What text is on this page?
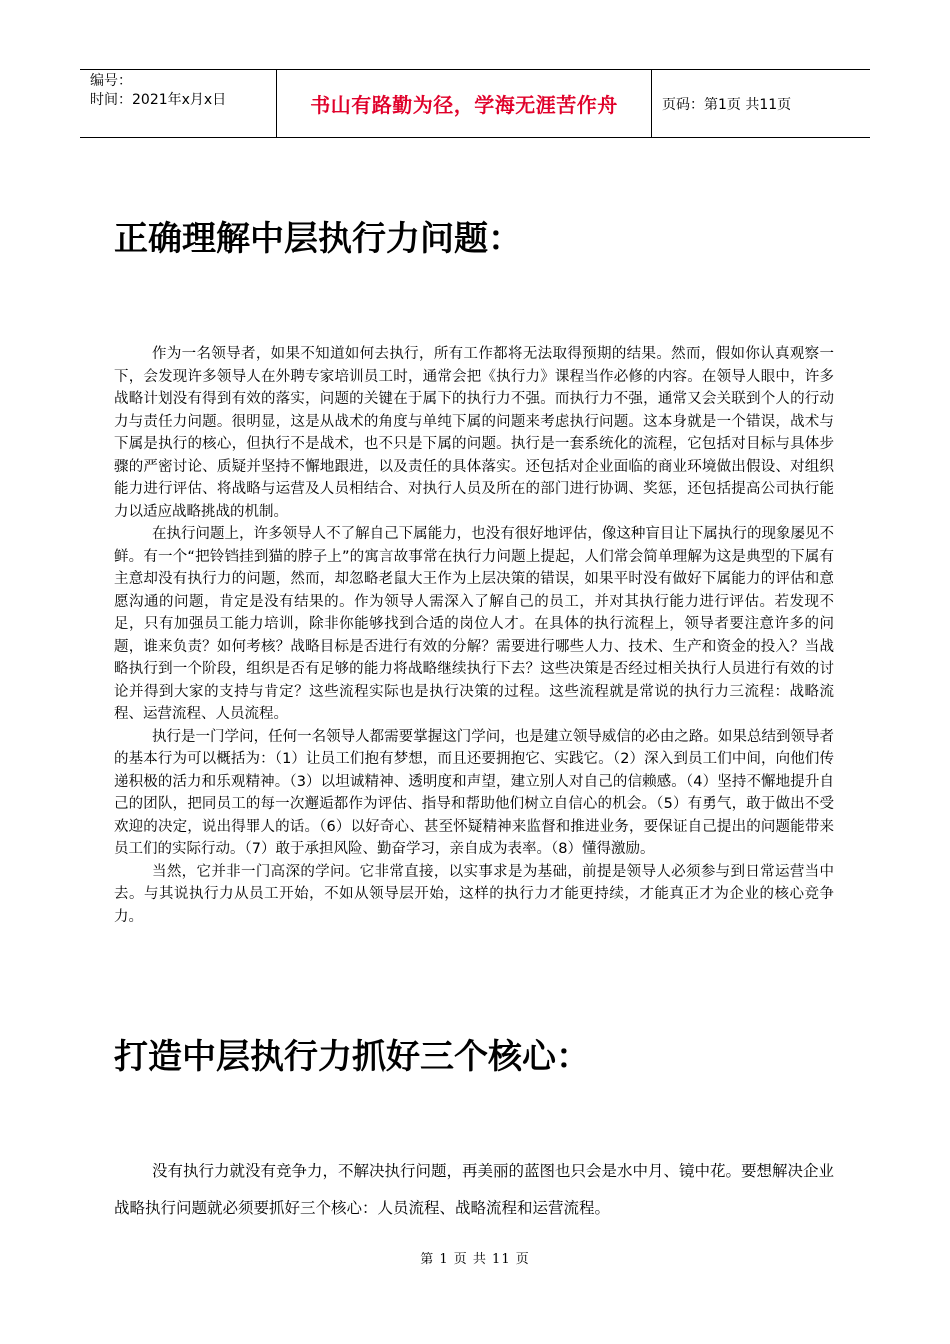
编号：
时间：2021年x月x日	书山有路勤为径，学海无涯苦作舟	页码：第1页 共11页
正确理解中层执行力问题：

作为一名领导者，如果不知道如何去执行，所有工作都将无法取得预期的结果。然而，假如你认真观察一下，会发现许多领导人在外聘专家培训员工时，通常会把《执行力》课程当作必修的内容。在领导人眼中，许多战略计划没有得到有效的落实，问题的关键在于属下的执行力不强。而执行力不强，通常又会关联到个人的行动力与责任力问题。很明显，这是从战术的角度与单纯下属的问题来考虑执行问题。这本身就是一个错误，战术与下属是执行的核心，但执行不是战术，也不只是下属的问题。执行是一套系统化的流程，它包括对目标与具体步骤的严密讨论、质疑并坚持不懈地跟进，以及责任的具体落实。还包括对企业面临的商业环境做出假设、对组织能力进行评估、将战略与运营及人员相结合、对执行人员及所在的部门进行协调、奖惩，还包括提高公司执行能力以适应战略挑战的机制。

在执行问题上，许多领导人不了解自己下属能力，也没有很好地评估，像这种盲目让下属执行的现象屡见不鲜。有一个“把铃铛挂到猫的脖子上”的寓言故事常在执行力问题上提起，人们常会简单理解为这是典型的下属有主意却没有执行力的问题，然而，却忽略老鼠大王作为上层决策的错误，如果平时没有做好下属能力的评估和意愿沟通的问题，肯定是没有结果的。作为领导人需深入了解自己的员工，并对其执行能力进行评估。若发现不足，只有加强员工能力培训，除非你能够找到合适的岗位人才。在具体的执行流程上，领导者要注意许多的问题，谁来负责？如何考核？战略目标是否进行有效的分解？需要进行哪些人力、技术、生产和资金的投入？当战略执行到一个阶段，组织是否有足够的能力将战略继续执行下去？这些决策是否经过相关执行人员进行有效的讨论并得到大家的支持与肯定？这些流程实际也是执行决策的过程。这些流程就是常说的执行力三流程：战略流程、运营流程、人员流程。

执行是一门学问，任何一名领导人都需要掌握这门学问，也是建立领导威信的必由之路。如果总结到领导者的基本行为可以概括为：（1）让员工们抱有梦想，而且还要拥抱它、实践它。（2）深入到员工们中间，向他们传递积极的活力和乐观精神。（3）以坦诚精神、透明度和声望，建立别人对自己的信赖感。（4）坚持不懈地提升自己的团队，把同员工的每一次邂逅都作为评估、指导和帮助他们树立自信心的机会。（5）有勇气，敢于做出不受欢迎的决定，说出得罪人的话。（6）以好奇心、甚至怀疑精神来监督和推进业务，要保证自己提出的问题能带来员工们的实际行动。（7）敢于承担风险、勤奋学习，亲自成为表率。（8）懂得激励。

当然，它并非一门高深的学问。它非常直接，以实事求是为基础，前提是领导人必须参与到日常运营当中去。与其说执行力从员工开始，不如从领导层开始，这样的执行力才能更持续，才能真正才为企业的核心竞争力。

打造中层执行力抓好三个核心：

没有执行力就没有竞争力，不解决执行问题，再美丽的蓝图也只会是水中月、镜中花。要想解决企业战略执行问题就必须要抓好三个核心：人员流程、战略流程和运营流程。

第 1 页 共 11 页
